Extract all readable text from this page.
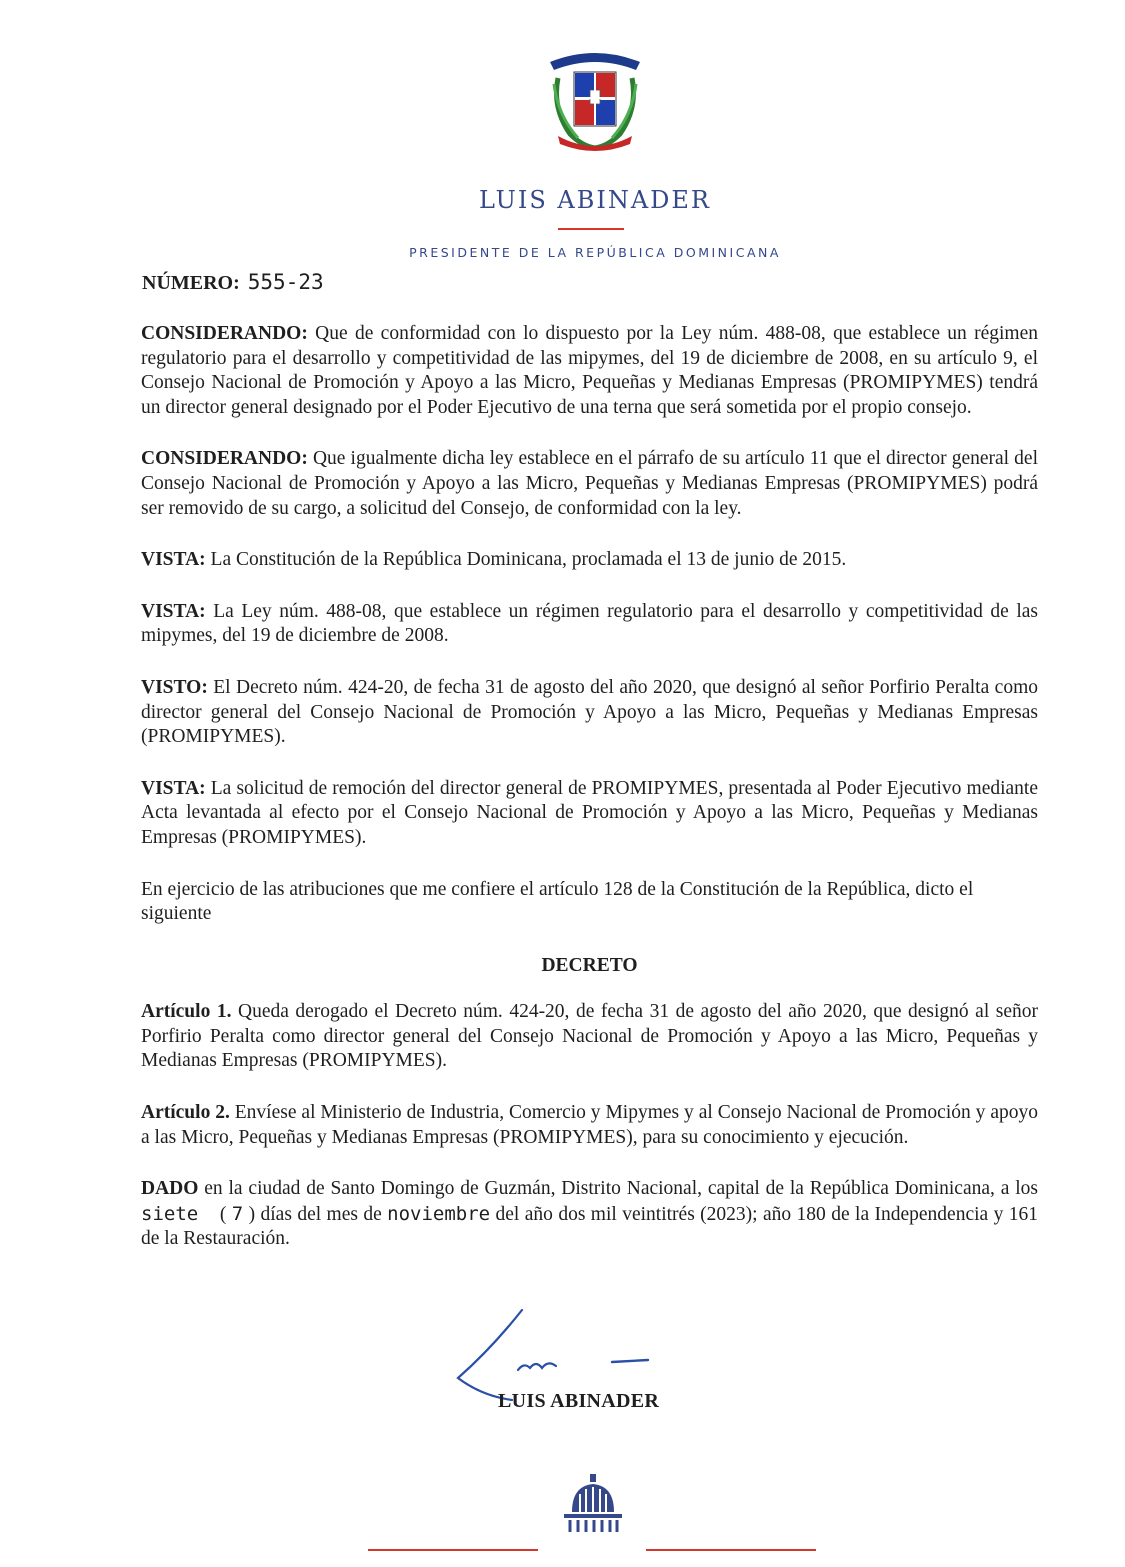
LUIS ABINADER
PRESIDENTE DE LA REPÚBLICA DOMINICANA
NÚMERO: 555-23

CONSIDERANDO: Que de conformidad con lo dispuesto por la Ley núm. 488-08, que establece un régimen regulatorio para el desarrollo y competitividad de las mipymes, del 19 de diciembre de 2008, en su artículo 9, el Consejo Nacional de Promoción y Apoyo a las Micro, Pequeñas y Medianas Empresas (PROMIPYMES) tendrá un director general designado por el Poder Ejecutivo de una terna que será sometida por el propio consejo.

CONSIDERANDO: Que igualmente dicha ley establece en el párrafo de su artículo 11 que el director general del Consejo Nacional de Promoción y Apoyo a las Micro, Pequeñas y Medianas Empresas (PROMIPYMES) podrá ser removido de su cargo, a solicitud del Consejo, de conformidad con la ley.

VISTA: La Constitución de la República Dominicana, proclamada el 13 de junio de 2015.

VISTA: La Ley núm. 488-08, que establece un régimen regulatorio para el desarrollo y competitividad de las mipymes, del 19 de diciembre de 2008.

VISTO: El Decreto núm. 424-20, de fecha 31 de agosto del año 2020, que designó al señor Porfirio Peralta como director general del Consejo Nacional de Promoción y Apoyo a las Micro, Pequeñas y Medianas Empresas (PROMIPYMES).

VISTA: La solicitud de remoción del director general de PROMIPYMES, presentada al Poder Ejecutivo mediante Acta levantada al efecto por el Consejo Nacional de Promoción y Apoyo a las Micro, Pequeñas y Medianas Empresas (PROMIPYMES).

En ejercicio de las atribuciones que me confiere el artículo 128 de la Constitución de la República, dicto el siguiente

DECRETO

Artículo 1. Queda derogado el Decreto núm. 424-20, de fecha 31 de agosto del año 2020, que designó al señor Porfirio Peralta como director general del Consejo Nacional de Promoción y Apoyo a las Micro, Pequeñas y Medianas Empresas (PROMIPYMES).

Artículo 2. Envíese al Ministerio de Industria, Comercio y Mipymes y al Consejo Nacional de Promoción y apoyo a las Micro, Pequeñas y Medianas Empresas (PROMIPYMES), para su conocimiento y ejecución.

DADO en la ciudad de Santo Domingo de Guzmán, Distrito Nacional, capital de la República Dominicana, a los siete    ( 7 ) días del mes de noviembre del año dos mil veintitrés (2023); año 180 de la Independencia y 161 de la Restauración.

LUIS ABINADER
